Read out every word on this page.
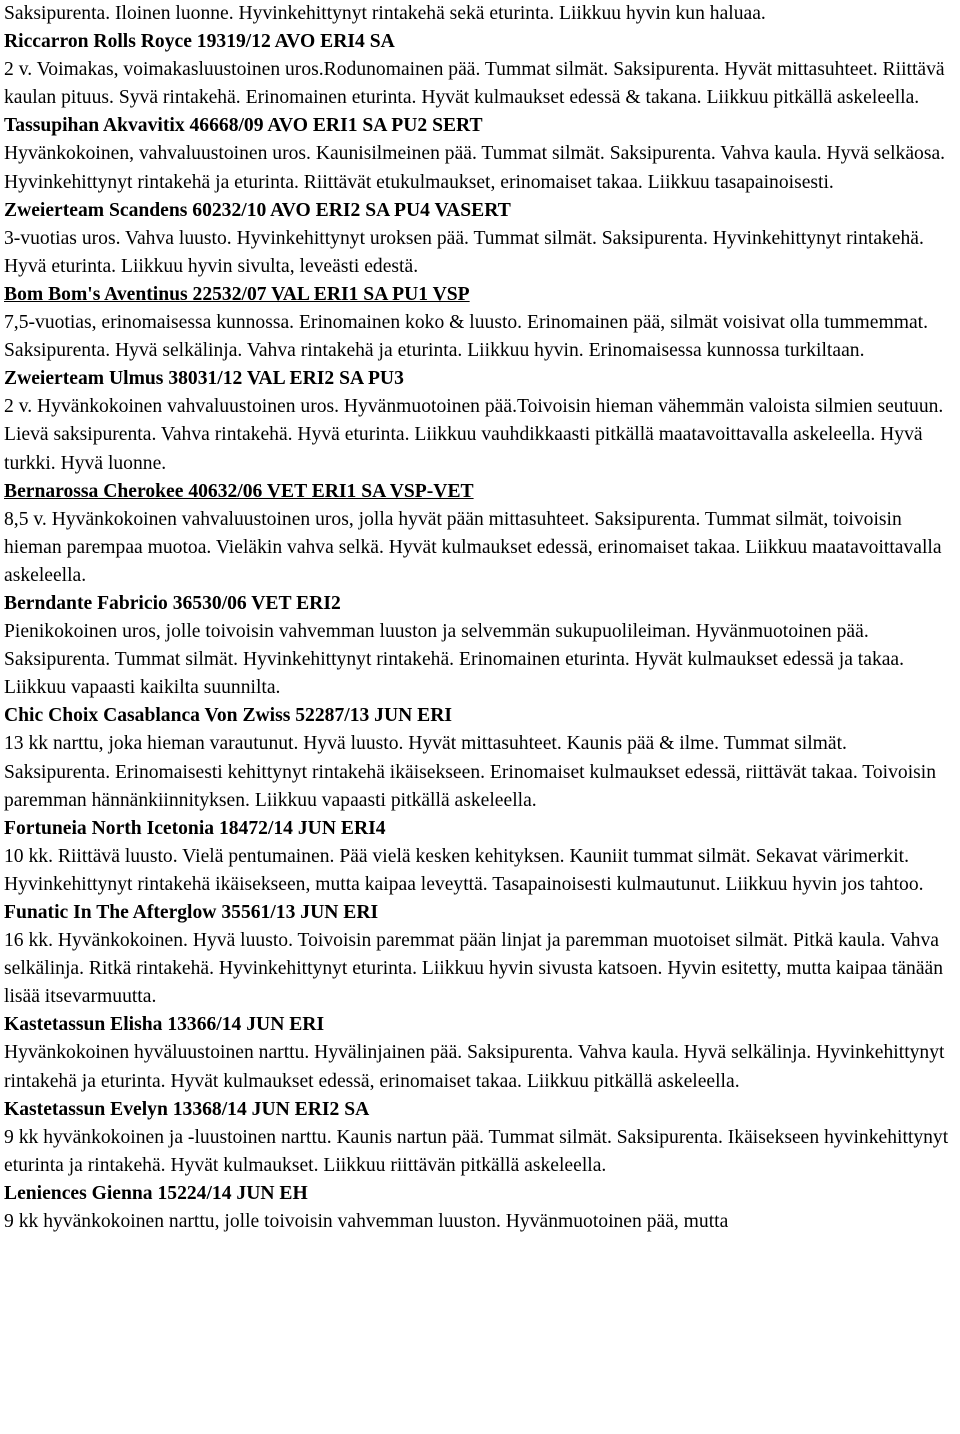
Saksipurenta. Iloinen luonne. Hyvinkehittynyt rintakehä sekä eturinta. Liikkuu hyvin kun haluaa.

Riccarron Rolls Royce 19319/12 AVO ERI4 SA
2 v. Voimakas, voimakasluustoinen uros.Rodunomainen pää. Tummat silmät. Saksipurenta. Hyvät mittasuhteet. Riittävä kaulan pituus. Syvä rintakehä. Erinomainen eturinta. Hyvät kulmaukset edessä & takana. Liikkuu pitkällä askeleella.
Tassupihan Akvavitix 46668/09 AVO ERI1 SA PU2 SERT
Hyvänkokoinen, vahvaluustoinen uros. Kaunisilmeinen pää. Tummat silmät. Saksipurenta. Vahva kaula. Hyvä selkäosa. Hyvinkehittynyt rintakehä ja eturinta. Riittävät etukulmaukset, erinomaiset takaa. Liikkuu tasapainoisesti.
Zweierteam Scandens 60232/10 AVO ERI2 SA PU4 VASERT
3-vuotias uros. Vahva luusto. Hyvinkehittynyt uroksen pää. Tummat silmät. Saksipurenta. Hyvinkehittynyt rintakehä. Hyvä eturinta. Liikkuu hyvin sivulta, leveästi edestä.
Bom Bom's Aventinus 22532/07 VAL ERI1 SA PU1 VSP
7,5-vuotias, erinomaisessa kunnossa. Erinomainen koko & luusto. Erinomainen pää, silmät voisivat olla tummemmat. Saksipurenta. Hyvä selkälinja. Vahva rintakehä ja eturinta. Liikkuu hyvin. Erinomaisessa kunnossa turkiltaan.
Zweierteam Ulmus 38031/12 VAL ERI2 SA PU3
2 v. Hyvänkokoinen vahvaluustoinen uros. Hyvänmuotoinen pää.Toivoisin hieman vähemmän valoista silmien seutuun. Lievä saksipurenta. Vahva rintakehä. Hyvä eturinta. Liikkuu vauhdikkaasti pitkällä maatavoittavalla askeleella. Hyvä turkki. Hyvä luonne.
Bernarossa Cherokee 40632/06 VET ERI1 SA VSP-VET
8,5 v. Hyvänkokoinen vahvaluustoinen uros, jolla hyvät pään mittasuhteet. Saksipurenta. Tummat silmät, toivoisin hieman parempaa muotoa. Vieläkin vahva selkä. Hyvät kulmaukset edessä, erinomaiset takaa. Liikkuu maatavoittavalla askeleella.
Berndante Fabricio 36530/06 VET ERI2
Pienikokoinen uros, jolle toivoisin vahvemman luuston ja selvemmän sukupuolileiman. Hyvänmuotoinen pää. Saksipurenta. Tummat silmät. Hyvinkehittynyt rintakehä. Erinomainen eturinta. Hyvät kulmaukset edessä ja takaa. Liikkuu vapaasti kaikilta suunnilta.
Chic Choix Casablanca Von Zwiss 52287/13 JUN ERI
13 kk narttu, joka hieman varautunut. Hyvä luusto. Hyvät mittasuhteet. Kaunis pää & ilme. Tummat silmät. Saksipurenta. Erinomaisesti kehittynyt rintakehä ikäisekseen. Erinomaiset kulmaukset edessä, riittävät takaa. Toivoisin paremman hännänkiinnityksen. Liikkuu vapaasti pitkällä askeleella.
Fortuneia North Icetonia 18472/14 JUN ERI4
10 kk. Riittävä luusto. Vielä pentumainen. Pää vielä kesken kehityksen. Kauniit tummat silmät. Sekavat värimerkit. Hyvinkehittynyt rintakehä ikäisekseen, mutta kaipaa leveyttä. Tasapainoisesti kulmautunut. Liikkuu hyvin jos tahtoo.
Funatic In The Afterglow 35561/13 JUN ERI
16 kk. Hyvänkokoinen. Hyvä luusto. Toivoisin paremmat pään linjat ja paremman muotoiset silmät. Pitkä kaula. Vahva selkälinja. Ritkä rintakehä. Hyvinkehittynyt eturinta. Liikkuu hyvin sivusta katsoen. Hyvin esitetty, mutta kaipaa tänään lisää itsevarmuutta.
Kastetassun Elisha 13366/14 JUN ERI
Hyvänkokoinen hyväluustoinen narttu. Hyvälinjainen pää. Saksipurenta. Vahva kaula. Hyvä selkälinja. Hyvinkehittynyt rintakehä ja eturinta. Hyvät kulmaukset edessä, erinomaiset takaa. Liikkuu pitkällä askeleella.
Kastetassun Evelyn 13368/14 JUN ERI2 SA
9 kk hyvänkokoinen ja -luustoinen narttu. Kaunis nartun pää. Tummat silmät. Saksipurenta. Ikäisekseen hyvinkehittynyt eturinta ja rintakehä. Hyvät kulmaukset. Liikkuu riittävän pitkällä askeleella.
Leniences Gienna 15224/14 JUN EH
9 kk hyvänkokoinen narttu, jolle toivoisin vahvemman luuston. Hyvänmuotoinen pää, mutta
